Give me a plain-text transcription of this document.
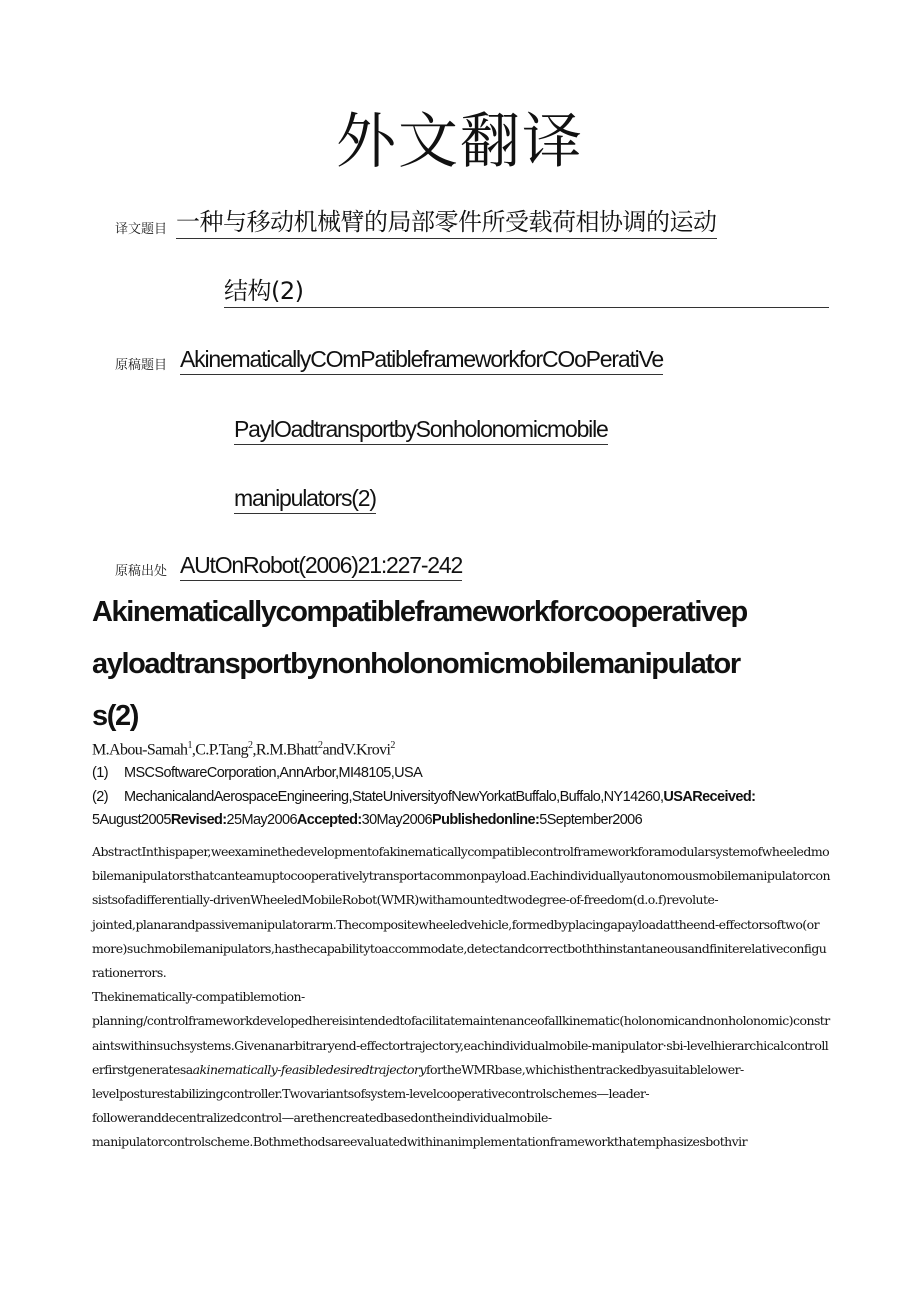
外文翻译
译文题目 一种与移动机械臂的局部零件所受载荷相协调的运动
结构(2)
原稿题目 AkinematicallyCOmPatibleframeworkforCOoPeratiVe
PaylOadtransportbySonholonomicmobile
manipulators(2)
原稿出处 AUtOnRobot(2006)21:227-242
Akinematicallycompatibleframeworkforcooperativep
ayloadtransportbynonholonomicmobilemanipulator
s(2)
M.Abou-Samah$^1$,C.P.Tang$^2$,R.M.Bhatt$^2$andV.Krovi$^2$
(1) MSCSoftwareCorporation,AnnArbor,MI48105,USA
(2) MechanicalandAerospaceEngineering,StateUniversityofNewYorkatBuffalo,Buffalo,NY14260,USAReceived:
5August2005Revised:25May2006Accepted:30May2006Publishedonline:5September2006

AbstractInthispaper,weexaminethedevelopmentofakinematicallycompatiblecontrolframeworkforamodularsystemofwheeledmobilemanipulatorsthatcanteamuptocooperativelytransportacommonpayload.Eachindividuallyautonomousmobilemanipulatorconsistsofadifferentially-drivenWheeledMobileRobot(WMR)withamountedtwodegree-of-freedom(d.o.f)revolute-

jointed,planarandpassivemanipulatorarm.Thecompositewheeledvehicle,formedbyplacingapayloadattheend-effectorsoftwo(ormore)suchmobilemanipulators,hasthecapabilitytoaccommodate,detectandcorrectboththinstantaneousandfiniterelativeconfigurationerrors.

Thekinematically-compatiblemotion-

planning/controlframeworkdevelopedhereisintendedtofacilitatemaintenanceofallkinematic(holonomicandnonholonomic)constraintswithinsuchsystems.Givenanarbitraryend-effectortrajectory,eachindividualmobile-manipulator·sbi-levelhierarchicalcontrollerfirstgeneratesaakinematically-feasibledesiredtrajectoryfortheWMRbase,whichisthentrackedbyasuitablelower-

levelposturestabilizingcontroller.Twovariantsofsystem-levelcooperativecontrolschemes—leader-

followeranddecentralizedcontrol—arethencreatedbasedontheindividualmobile-

manipulatorcontrolscheme.Bothmethodsareevaluatedwithinanimplementationframeworkthatemphasizesbothvir
